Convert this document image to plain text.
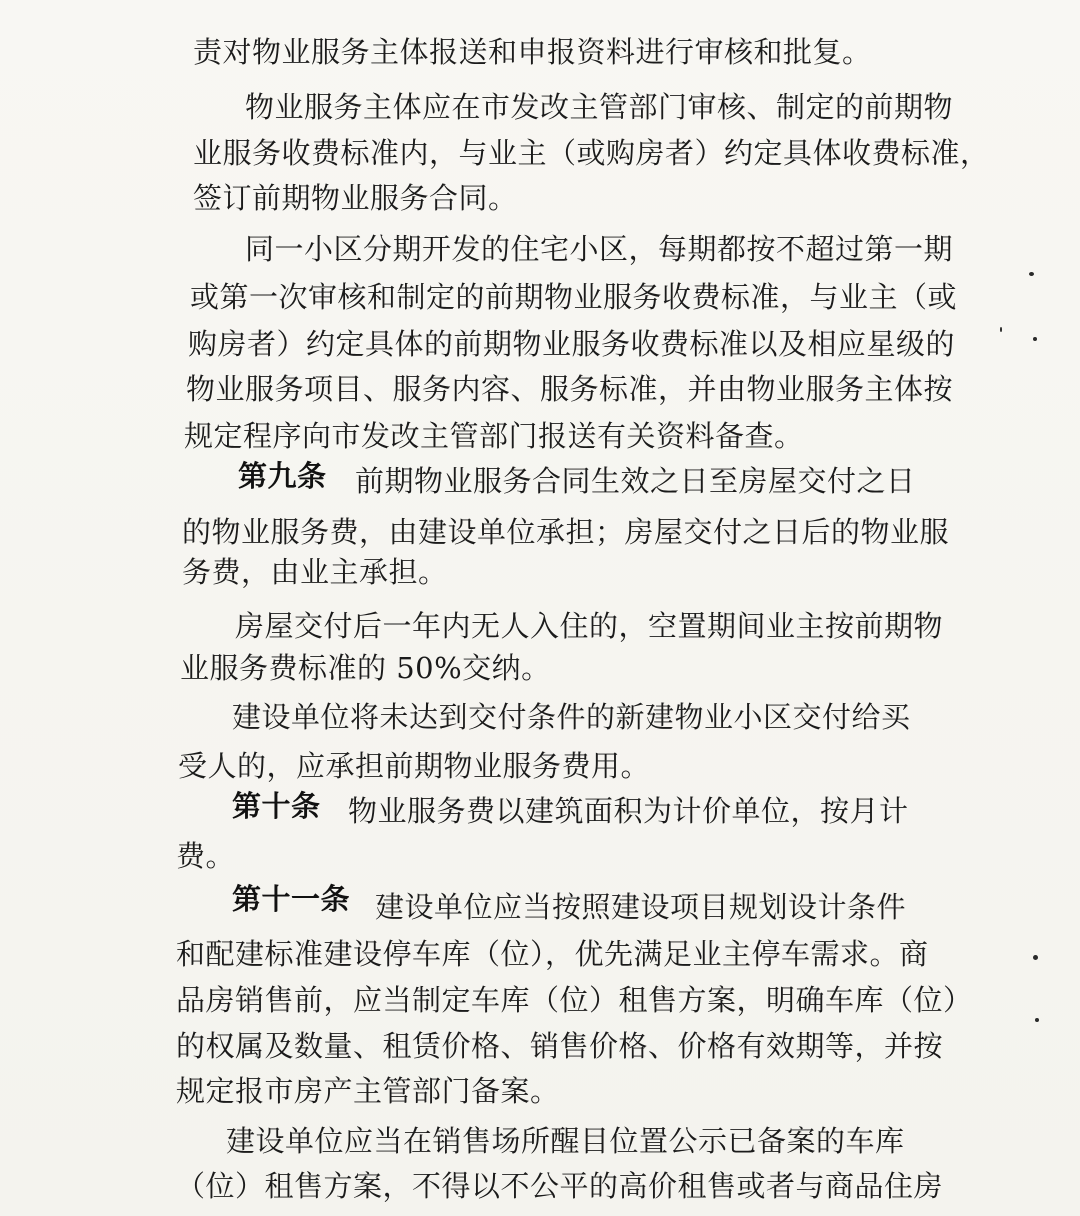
责对物业服务主体报送和申报资料进行审核和批复。
物业服务主体应在市发改主管部门审核、制定的前期物
业服务收费标准内，与业主（或购房者）约定具体收费标准，
签订前期物业服务合同。
同一小区分期开发的住宅小区，每期都按不超过第一期
或第一次审核和制定的前期物业服务收费标准，与业主（或
购房者）约定具体的前期物业服务收费标准以及相应星级的
物业服务项目、服务内容、服务标准，并由物业服务主体按
规定程序向市发改主管部门报送有关资料备查。
第九条 前期物业服务合同生效之日至房屋交付之日
的物业服务费，由建设单位承担；房屋交付之日后的物业服
务费，由业主承担。
房屋交付后一年内无人入住的，空置期间业主按前期物
业服务费标准的 50%交纳。
建设单位将未达到交付条件的新建物业小区交付给买
受人的，应承担前期物业服务费用。
第十条 物业服务费以建筑面积为计价单位，按月计
费。
第十一条 建设单位应当按照建设项目规划设计条件
和配建标准建设停车库（位），优先满足业主停车需求。商
品房销售前，应当制定车库（位）租售方案，明确车库（位）
的权属及数量、租赁价格、销售价格、价格有效期等，并按
规定报市房产主管部门备案。
建设单位应当在销售场所醒目位置公示已备案的车库
（位）租售方案，不得以不公平的高价租售或者与商品住房
